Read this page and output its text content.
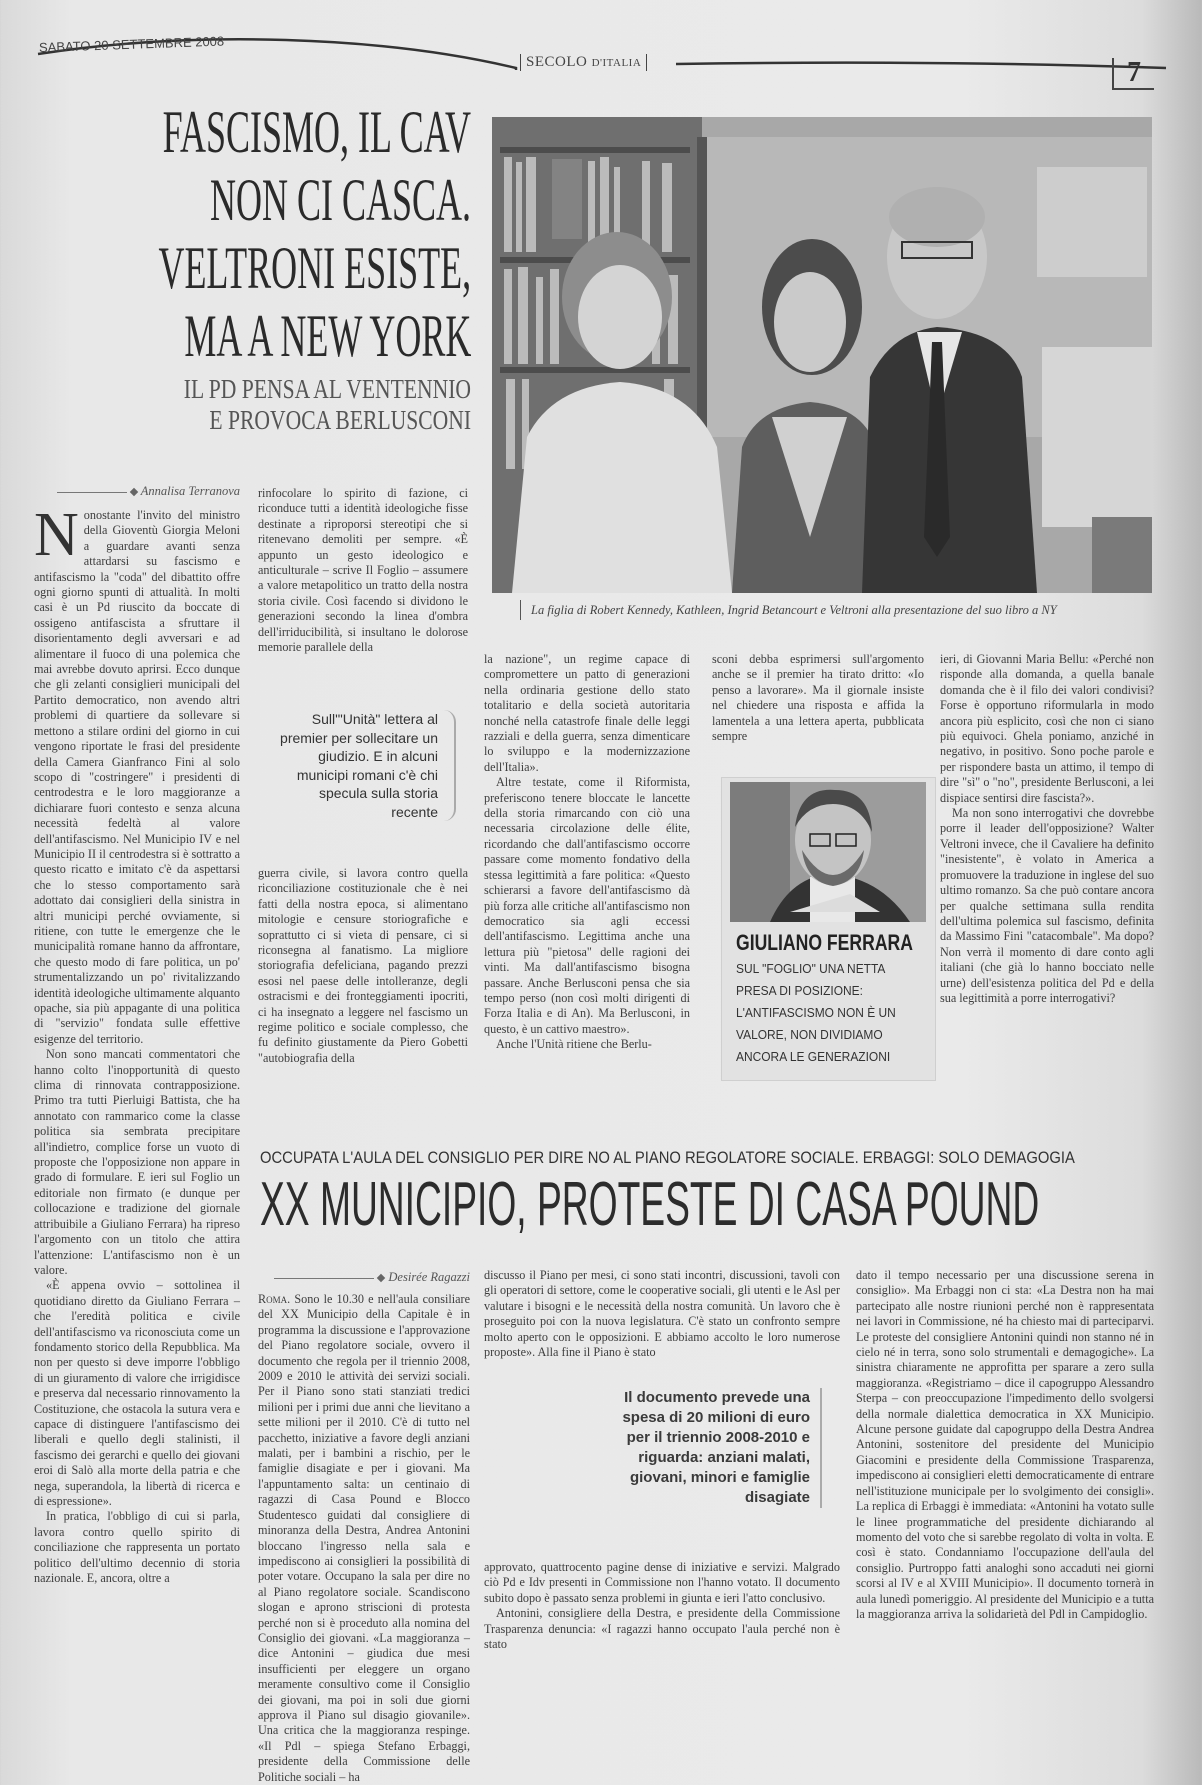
SABATO 20 SETTEMBRE 2008
SECOLO D'ITALIA	7
FASCISMO, IL CAV
NON CI CASCA.
VELTRONI ESISTE,
MA A NEW YORK
IL PD PENSA AL VENTENNIO
E PROVOCA BERLUSCONI
La figlia di Robert Kennedy, Kathleen, Ingrid Betancourt e Veltroni alla presentazione del suo libro a NY
Annalisa Terranova

Nonostante l'invito del ministro della Gioventù Giorgia Meloni a guardare avanti senza attardarsi su fascismo e antifascismo la "coda" del dibattito offre ogni giorno spunti di attualità. In molti casi è un Pd riuscito da boccate di ossigeno antifascista a sfruttare il disorientamento degli avversari e ad alimentare il fuoco di una polemica che mai avrebbe dovuto aprirsi. Ecco dunque che gli zelanti consiglieri municipali del Partito democratico, non avendo altri problemi di quartiere da sollevare si mettono a stilare ordini del giorno in cui vengono riportate le frasi del presidente della Camera Gianfranco Fini al solo scopo di "costringere" i presidenti di centrodestra e le loro maggioranze a dichiarare fuori contesto e senza alcuna necessità fedeltà al valore dell'antifascismo. Nel Municipio IV e nel Municipio II il centrodestra si è sottratto a questo ricatto e imitato c'è da aspettarsi che lo stesso comportamento sarà adottato dai consiglieri della sinistra in altri municipi perché ovviamente, si ritiene, con tutte le emergenze che le municipalità romane hanno da affrontare, che questo modo di fare politica, un po' strumentalizzando un po' rivitalizzando identità ideologiche ultimamente alquanto opache, sia più appagante di una politica di "servizio" fondata sulle effettive esigenze del territorio.

Non sono mancati commentatori che hanno colto l'inopportunità di questo clima di rinnovata contrapposizione. Primo tra tutti Pierluigi Battista, che ha annotato con rammarico come la classe politica sia sembrata precipitare all'indietro, complice forse un vuoto di proposte che l'opposizione non appare in grado di formulare. E ieri sul Foglio un editoriale non firmato (e dunque per collocazione e tradizione del giornale attribuibile a Giuliano Ferrara) ha ripreso l'argomento con un titolo che attira l'attenzione: L'antifascismo non è un valore.

«È appena ovvio – sottolinea il quotidiano diretto da Giuliano Ferrara – che l'eredità politica e civile dell'antifascismo va riconosciuta come un fondamento storico della Repubblica. Ma non per questo si deve imporre l'obbligo di un giuramento di valore che irrigidisce e preserva dal necessario rinnovamento la Costituzione, che ostacola la sutura vera e capace di distinguere l'antifascismo dei liberali e quello degli stalinisti, il fascismo dei gerarchi e quello dei giovani eroi di Salò alla morte della patria e che nega, superandola, la libertà di ricerca e di espressione».

In pratica, l'obbligo di cui si parla, lavora contro quello spirito di conciliazione che rappresenta un portato politico dell'ultimo decennio di storia nazionale. E, ancora, oltre a

rinfocolare lo spirito di fazione, ci riconduce tutti a identità ideologiche fisse destinate a riproporsi stereotipi che si ritenevano demoliti per sempre. «È appunto un gesto ideologico e anticulturale – scrive Il Foglio – assumere a valore metapolitico un tratto della nostra storia civile. Così facendo si dividono le generazioni secondo la linea d'ombra dell'irriducibilità, si insultano le dolorose memorie parallele della

Sull'"Unità" lettera al premier per sollecitare un giudizio. E in alcuni municipi romani c'è chi specula sulla storia recente

guerra civile, si lavora contro quella riconciliazione costituzionale che è nei fatti della nostra epoca, si alimentano mitologie e censure storiografiche e soprattutto ci si vieta di pensare, ci si riconsegna al fanatismo. La migliore storiografia defeliciana, pagando prezzi esosi nel paese delle intolleranze, degli ostracismi e dei fronteggiamenti ipocriti, ci ha insegnato a leggere nel fascismo un regime politico e sociale complesso, che fu definito giustamente da Piero Gobetti "autobiografia della

la nazione", un regime capace di compromettere un patto di generazioni nella ordinaria gestione dello stato totalitario e della società autoritaria nonché nella catastrofe finale delle leggi razziali e della guerra, senza dimenticare lo sviluppo e la modernizzazione dell'Italia».

Altre testate, come il Riformista, preferiscono tenere bloccate le lancette della storia rimarcando con ciò una necessaria circolazione delle élite, ricordando che dall'antifascismo occorre passare come momento fondativo della stessa legittimità a fare politica: «Questo schierarsi a favore dell'antifascismo dà più forza alle critiche all'antifascismo non democratico sia agli eccessi dell'antifascismo. Legittima anche una lettura più "pietosa" delle ragioni dei vinti. Ma dall'antifascismo bisogna passare. Anche Berlusconi pensa che sia tempo perso (non così molti dirigenti di Forza Italia e di An). Ma Berlusconi, in questo, è un cattivo maestro».

Anche l'Unità ritiene che Berlu-

sconi debba esprimersi sull'argomento anche se il premier ha tirato dritto: «Io penso a lavorare». Ma il giornale insiste nel chiedere una risposta e affida la lamentela a una lettera aperta, pubblicata sempre

GIULIANO FERRARA
SUL "FOGLIO" UNA NETTA PRESA DI POSIZIONE: L'ANTIFASCISMO NON È UN VALORE, NON DIVIDIAMO ANCORA LE GENERAZIONI

ieri, di Giovanni Maria Bellu: «Perché non risponde alla domanda, a quella banale domanda che è il filo dei valori condivisi? Forse è opportuno riformularla in modo ancora più esplicito, così che non ci siano più equivoci. Ghela poniamo, anziché in negativo, in positivo. Sono poche parole e per rispondere basta un attimo, il tempo di dire "sì" o "no", presidente Berlusconi, a lei dispiace sentirsi dire fascista?».

Ma non sono interrogativi che dovrebbe porre il leader dell'opposizione? Walter Veltroni invece, che il Cavaliere ha definito "inesistente", è volato in America a promuovere la traduzione in inglese del suo ultimo romanzo. Sa che può contare ancora per qualche settimana sulla rendita dell'ultima polemica sul fascismo, definita da Massimo Fini "catacombale". Ma dopo? Non verrà il momento di dare conto agli italiani (che già lo hanno bocciato nelle urne) dell'esistenza politica del Pd e della sua legittimità a porre interrogativi?

OCCUPATA L'AULA DEL CONSIGLIO PER DIRE NO AL PIANO REGOLATORE SOCIALE. ERBAGGI: SOLO DEMAGOGIA
XX MUNICIPIO, PROTESTE DI CASA POUND
Desirée Ragazzi

Roma. Sono le 10.30 e nell'aula consiliare del XX Municipio della Capitale è in programma la discussione e l'approvazione del Piano regolatore sociale, ovvero il documento che regola per il triennio 2008, 2009 e 2010 le attività dei servizi sociali. Per il Piano sono stati stanziati tredici milioni per i primi due anni che lievitano a sette milioni per il 2010. C'è di tutto nel pacchetto, iniziative a favore degli anziani malati, per i bambini a rischio, per le famiglie disagiate e per i giovani. Ma l'appuntamento salta: un centinaio di ragazzi di Casa Pound e Blocco Studentesco guidati dal consigliere di minoranza della Destra, Andrea Antonini bloccano l'ingresso nella sala e impediscono ai consiglieri la possibilità di poter votare. Occupano la sala per dire no al Piano regolatore sociale. Scandiscono slogan e aprono striscioni di protesta perché non si è proceduto alla nomina del Consiglio dei giovani. «La maggioranza – dice Antonini – giudica due mesi insufficienti per eleggere un organo meramente consultivo come il Consiglio dei giovani, ma poi in soli due giorni approva il Piano sul disagio giovanile». Una critica che la maggioranza respinge. «Il Pdl – spiega Stefano Erbaggi, presidente della Commissione delle Politiche sociali – ha

discusso il Piano per mesi, ci sono stati incontri, discussioni, tavoli con gli operatori di settore, come le cooperative sociali, gli utenti e le Asl per valutare i bisogni e le necessità della nostra comunità. Un lavoro che è proseguito poi con la nuova legislatura. C'è stato un confronto sempre molto aperto con le opposizioni. E abbiamo accolto le loro numerose proposte». Alla fine il Piano è stato

Il documento prevede una spesa di 20 milioni di euro per il triennio 2008-2010 e riguarda: anziani malati, giovani, minori e famiglie disagiate

approvato, quattrocento pagine dense di iniziative e servizi. Malgrado ciò Pd e Idv presenti in Commissione non l'hanno votato. Il documento subito dopo è passato senza problemi in giunta e ieri l'atto conclusivo.

Antonini, consigliere della Destra, e presidente della Commissione Trasparenza denuncia: «I ragazzi hanno occupato l'aula perché non è stato

dato il tempo necessario per una discussione serena in consiglio». Ma Erbaggi non ci sta: «La Destra non ha mai partecipato alle nostre riunioni perché non è rappresentata nei lavori in Commissione, né ha chiesto mai di parteciparvi. Le proteste del consigliere Antonini quindi non stanno né in cielo né in terra, sono solo strumentali e demagogiche». La sinistra chiaramente ne approfitta per sparare a zero sulla maggioranza. «Registriamo – dice il capogruppo Alessandro Sterpa – con preoccupazione l'impedimento dello svolgersi della normale dialettica democratica in XX Municipio. Alcune persone guidate dal capogruppo della Destra Andrea Antonini, sostenitore del presidente del Municipio Giacomini e presidente della Commissione Trasparenza, impediscono ai consiglieri eletti democraticamente di entrare nell'istituzione municipale per lo svolgimento dei consigli». La replica di Erbaggi è immediata: «Antonini ha votato sulle le linee programmatiche del presidente dichiarando al momento del voto che si sarebbe regolato di volta in volta. E così è stato. Condanniamo l'occupazione dell'aula del consiglio. Purtroppo fatti analoghi sono accaduti nei giorni scorsi al IV e al XVIII Municipio». Il documento tornerà in aula lunedì pomeriggio. Al presidente del Municipio e a tutta la maggioranza arriva la solidarietà del Pdl in Campidoglio.
